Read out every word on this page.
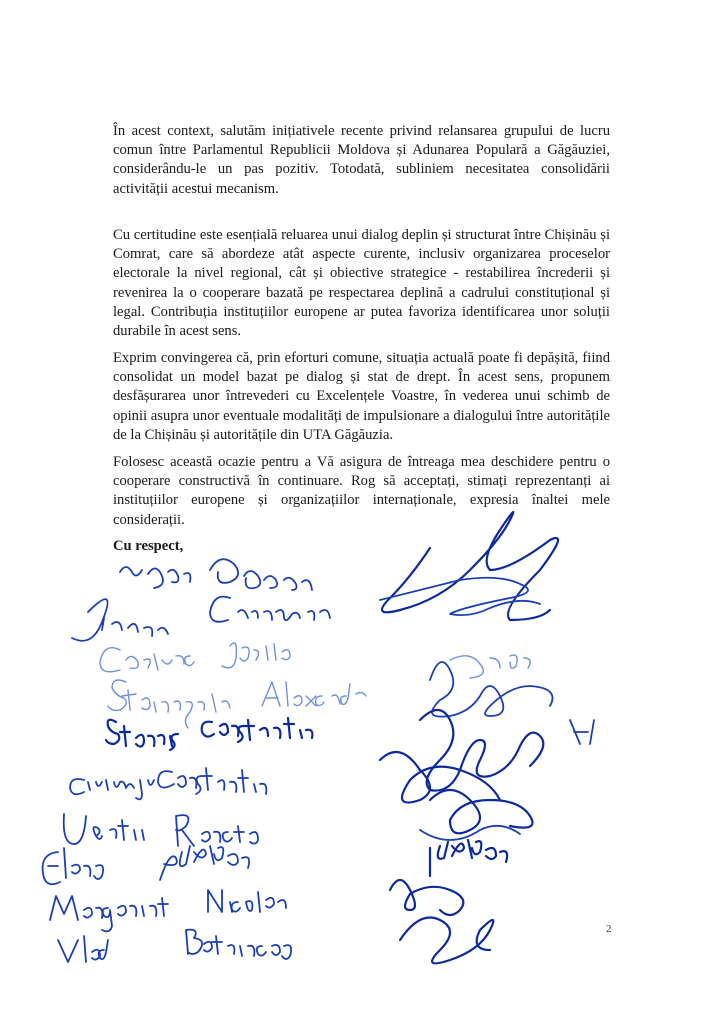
În acest context, salutăm inițiativele recente privind relansarea grupului de lucru comun între Parlamentul Republicii Moldova și Adunarea Populară a Găgăuziei, considerându-le un pas pozitiv. Totodată, subliniem necesitatea consolidării activității acestui mecanism.

Cu certitudine este esențială reluarea unui dialog deplin și structurat între Chișinău și Comrat, care să abordeze atât aspecte curente, inclusiv organizarea proceselor electorale la nivel regional, cât și obiective strategice - restabilirea încrederii și revenirea la o cooperare bazată pe respectarea deplină a cadrului constituțional și legal. Contribuția instituțiilor europene ar putea favoriza identificarea unor soluții durabile în acest sens.

Exprim convingerea că, prin eforturi comune, situația actuală poate fi depășită, fiind consolidat un model bazat pe dialog și stat de drept. În acest sens, propunem desfășurarea unor întrevederi cu Excelențele Voastre, în vederea unui schimb de opinii asupra unor eventuale modalități de impulsionare a dialogului între autoritățile de la Chișinău și autoritățile din UTA Găgăuzia.

Folosesc această ocazie pentru a Vă asigura de întreaga mea deschidere pentru o cooperare constructivă în continuare. Rog să acceptați, stimați reprezentanți ai instituțiilor europene și organizațiilor internaționale, expresia înaltei mele considerații.

Cu respect,

2
